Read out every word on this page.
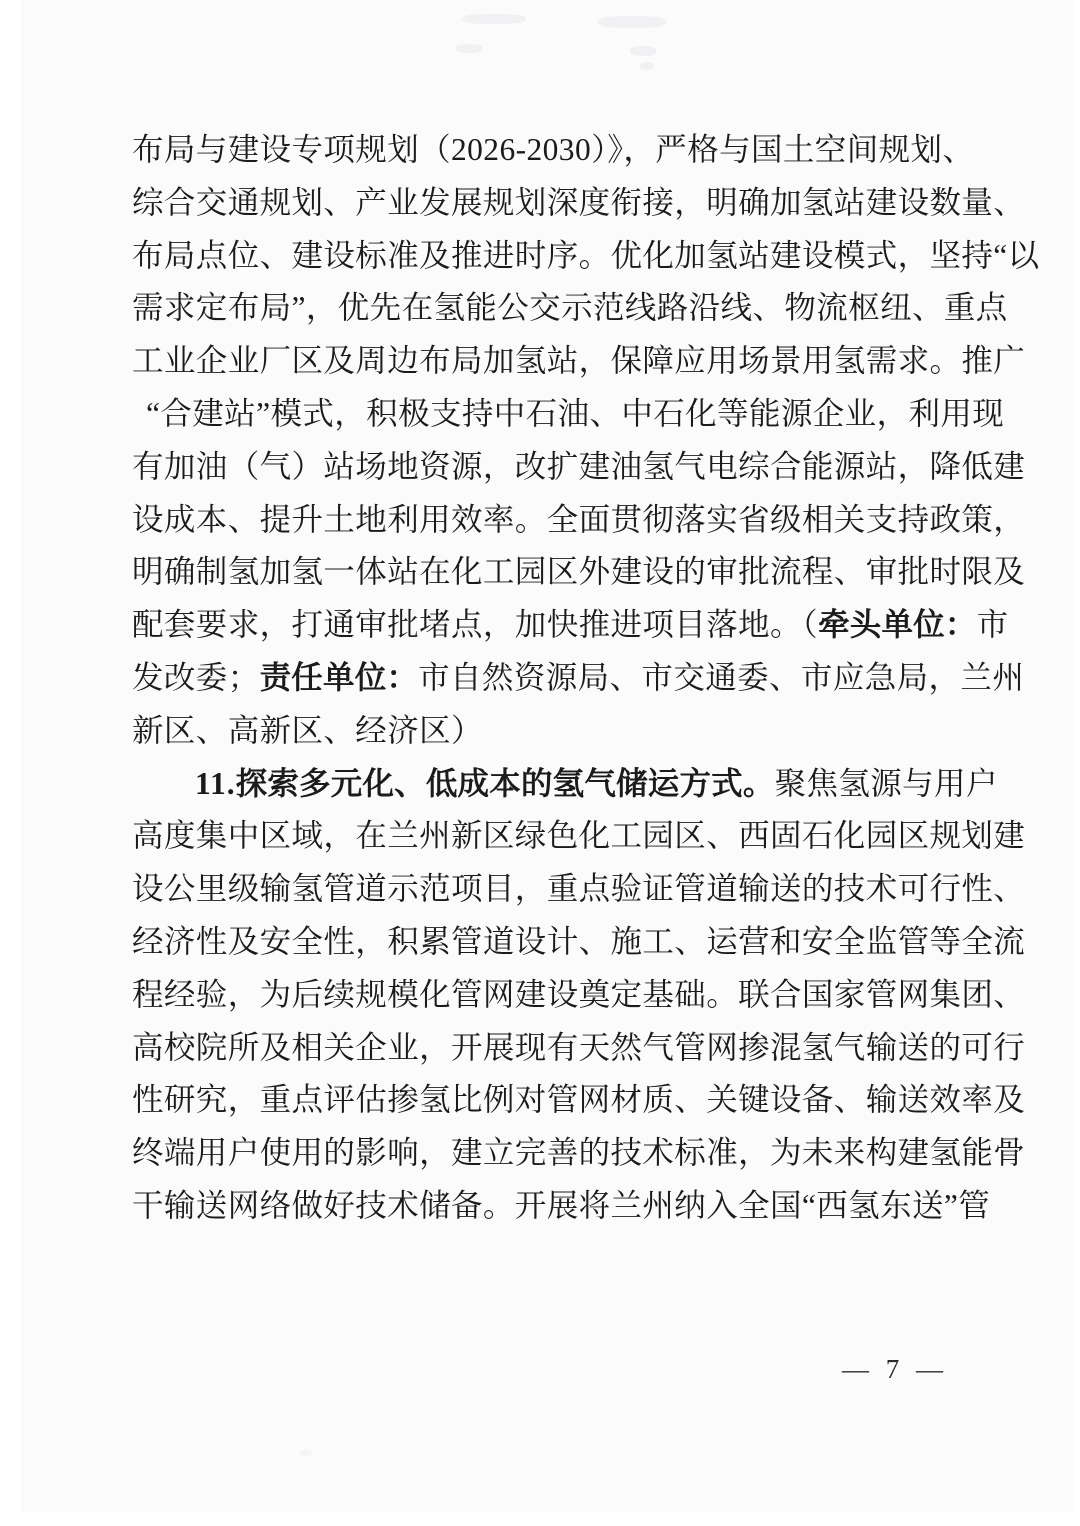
布局与建设专项规划（2026-2030）》，严格与国土空间规划、
综合交通规划、产业发展规划深度衔接，明确加氢站建设数量、
布局点位、建设标准及推进时序。优化加氢站建设模式，坚持“以
需求定布局”，优先在氢能公交示范线路沿线、物流枢纽、重点
工业企业厂区及周边布局加氢站，保障应用场景用氢需求。推广
“合建站”模式，积极支持中石油、中石化等能源企业，利用现
有加油（气）站场地资源，改扩建油氢气电综合能源站，降低建
设成本、提升土地利用效率。全面贯彻落实省级相关支持政策，
明确制氢加氢一体站在化工园区外建设的审批流程、审批时限及
配套要求，打通审批堵点，加快推进项目落地。（牵头单位：市
发改委；责任单位：市自然资源局、市交通委、市应急局，兰州
新区、高新区、经济区）
11.探索多元化、低成本的氢气储运方式。聚焦氢源与用户
高度集中区域，在兰州新区绿色化工园区、西固石化园区规划建
设公里级输氢管道示范项目，重点验证管道输送的技术可行性、
经济性及安全性，积累管道设计、施工、运营和安全监管等全流
程经验，为后续规模化管网建设奠定基础。联合国家管网集团、
高校院所及相关企业，开展现有天然气管网掺混氢气输送的可行
性研究，重点评估掺氢比例对管网材质、关键设备、输送效率及
终端用户使用的影响，建立完善的技术标准，为未来构建氢能骨
干输送网络做好技术储备。开展将兰州纳入全国“西氢东送”管
— 7 —
